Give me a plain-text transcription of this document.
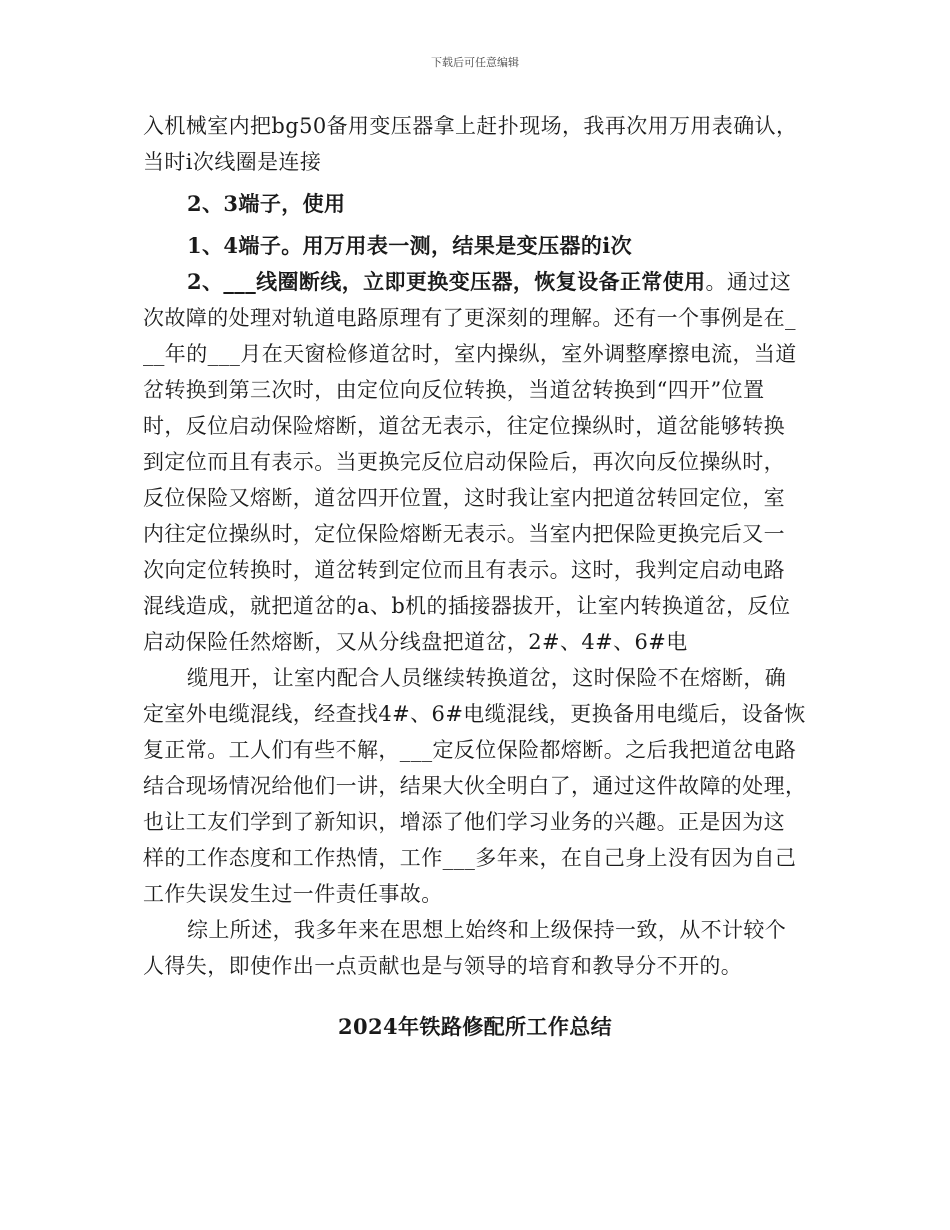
下载后可任意编辑
入机械室内把bg50备用变压器拿上赶扑现场，我再次用万用表确认，
当时i次线圈是连接
2、3端子，使用
1、4端子。用万用表一测，结果是变压器的i次
2、___线圈断线，立即更换变压器，恢复设备正常使用。通过这
次故障的处理对轨道电路原理有了更深刻的理解。还有一个事例是在_
__年的___月在天窗检修道岔时，室内操纵，室外调整摩擦电流，当道
岔转换到第三次时，由定位向反位转换，当道岔转换到“四开”位置
时，反位启动保险熔断，道岔无表示，往定位操纵时，道岔能够转换
到定位而且有表示。当更换完反位启动保险后，再次向反位操纵时，
反位保险又熔断，道岔四开位置，这时我让室内把道岔转回定位，室
内往定位操纵时，定位保险熔断无表示。当室内把保险更换完后又一
次向定位转换时，道岔转到定位而且有表示。这时，我判定启动电路
混线造成，就把道岔的a、b机的插接器拔开，让室内转换道岔，反位
启动保险任然熔断，又从分线盘把道岔，2#、4#、6#电
缆甩开，让室内配合人员继续转换道岔，这时保险不在熔断，确
定室外电缆混线，经查找4#、6#电缆混线，更换备用电缆后，设备恢
复正常。工人们有些不解，___定反位保险都熔断。之后我把道岔电路
结合现场情况给他们一讲，结果大伙全明白了，通过这件故障的处理，
也让工友们学到了新知识，增添了他们学习业务的兴趣。正是因为这
样的工作态度和工作热情，工作___多年来，在自己身上没有因为自己
工作失误发生过一件责任事故。
综上所述，我多年来在思想上始终和上级保持一致，从不计较个
人得失，即使作出一点贡献也是与领导的培育和教导分不开的。
2024年铁路修配所工作总结
